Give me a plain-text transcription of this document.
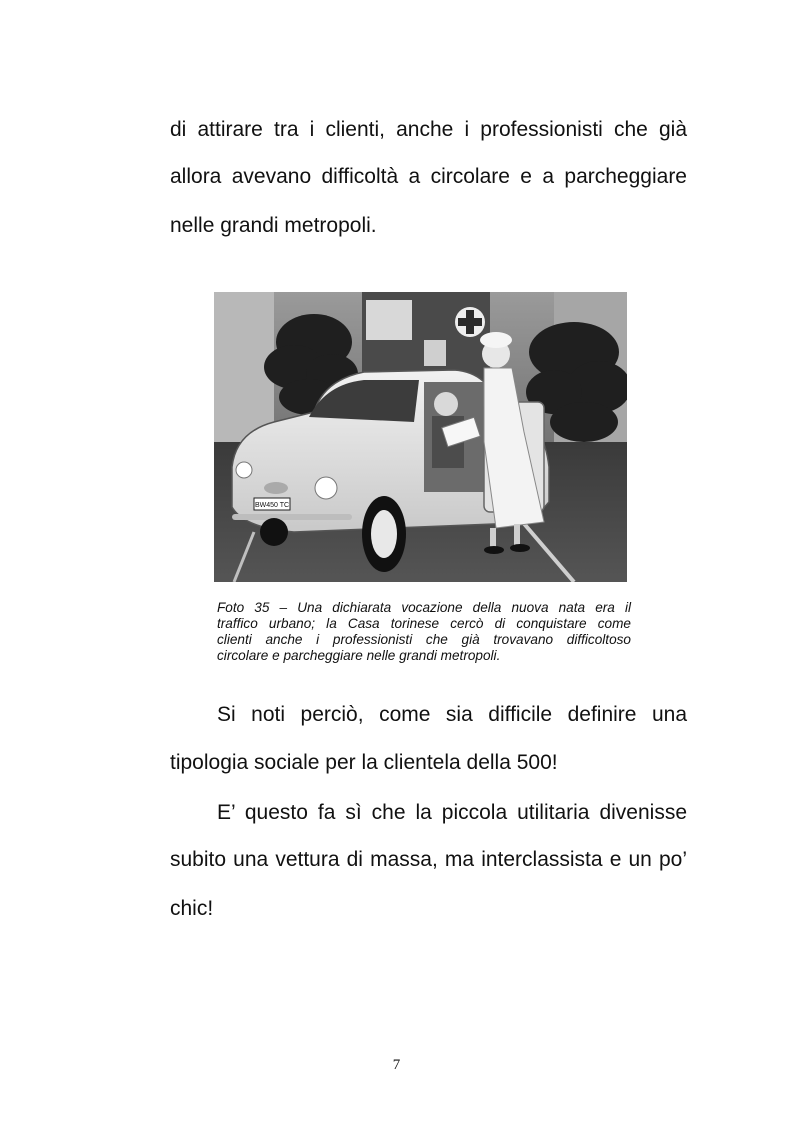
di attirare tra i clienti, anche i professionisti che già
allora avevano difficoltà a circolare e a parcheggiare
nelle grandi metropoli.
BW450 TC
Foto 35 – Una dichiarata vocazione della nuova nata era il
traffico urbano; la Casa torinese cercò di conquistare come
clienti anche i professionisti che già trovavano difficoltoso
circolare e parcheggiare nelle grandi metropoli.
Si noti perciò, come sia difficile definire una
tipologia sociale per la clientela della 500!
E’ questo fa sì che la piccola utilitaria divenisse
subito una vettura di massa, ma interclassista e un po’
chic!
7
